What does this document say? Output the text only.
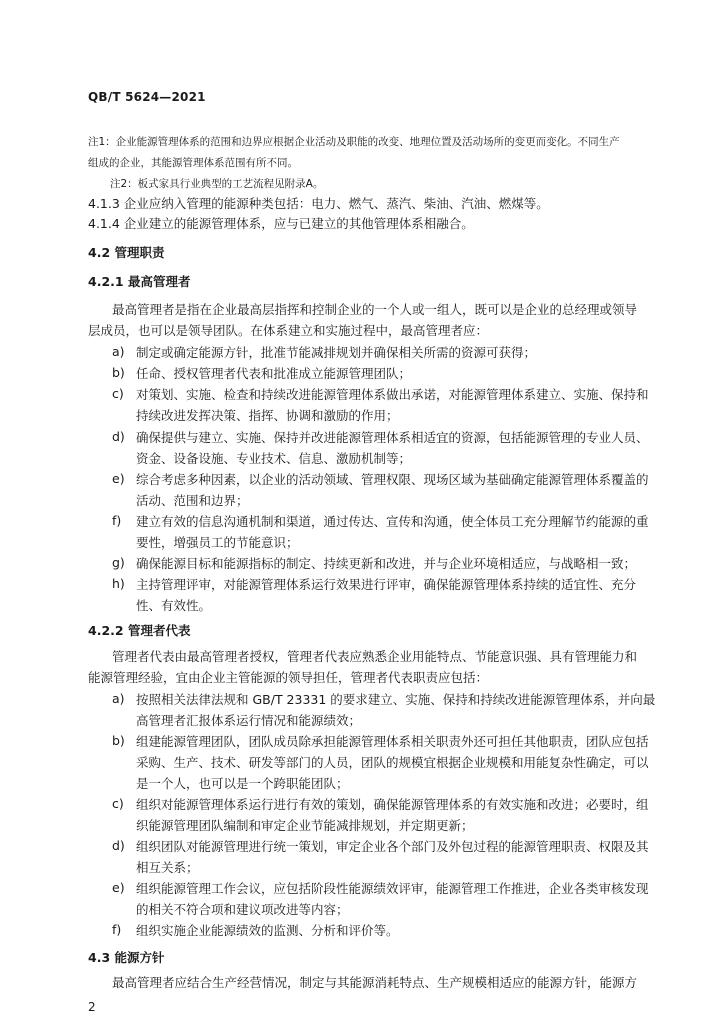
QB/T 5624—2021
注1：企业能源管理体系的范围和边界应根据企业活动及职能的改变、地理位置及活动场所的变更而变化。不同生产
组成的企业，其能源管理体系范围有所不同。
注2：板式家具行业典型的工艺流程见附录A。
4.1.3 企业应纳入管理的能源种类包括：电力、燃气、蒸汽、柴油、汽油、燃煤等。
4.1.4 企业建立的能源管理体系，应与已建立的其他管理体系相融合。
4.2 管理职责
4.2.1 最高管理者
最高管理者是指在企业最高层指挥和控制企业的一个人或一组人，既可以是企业的总经理或领导
层成员，也可以是领导团队。在体系建立和实施过程中，最高管理者应：
a) 制定或确定能源方针，批准节能减排规划并确保相关所需的资源可获得；
b) 任命、授权管理者代表和批准成立能源管理团队；
c) 对策划、实施、检查和持续改进能源管理体系做出承诺，对能源管理体系建立、实施、保持和持续改进发挥决策、指挥、协调和激励的作用；
d) 确保提供与建立、实施、保持并改进能源管理体系相适宜的资源，包括能源管理的专业人员、资金、设备设施、专业技术、信息、激励机制等；
e) 综合考虑多种因素，以企业的活动领域、管理权限、现场区域为基础确定能源管理体系覆盖的活动、范围和边界；
f) 建立有效的信息沟通机制和渠道，通过传达、宣传和沟通，使全体员工充分理解节约能源的重要性，增强员工的节能意识；
g) 确保能源目标和能源指标的制定、持续更新和改进，并与企业环境相适应，与战略相一致；
h) 主持管理评审，对能源管理体系运行效果进行评审，确保能源管理体系持续的适宜性、充分性、有效性。
4.2.2 管理者代表
管理者代表由最高管理者授权，管理者代表应熟悉企业用能特点、节能意识强、具有管理能力和
能源管理经验，宜由企业主管能源的领导担任，管理者代表职责应包括：
a) 按照相关法律法规和 GB/T 23331 的要求建立、实施、保持和持续改进能源管理体系，并向最高管理者汇报体系运行情况和能源绩效；
b) 组建能源管理团队，团队成员除承担能源管理体系相关职责外还可担任其他职责，团队应包括采购、生产、技术、研发等部门的人员，团队的规模宜根据企业规模和用能复杂性确定，可以是一个人，也可以是一个跨职能团队；
c) 组织对能源管理体系运行进行有效的策划，确保能源管理体系的有效实施和改进；必要时，组织能源管理团队编制和审定企业节能减排规划，并定期更新；
d) 组织团队对能源管理进行统一策划，审定企业各个部门及外包过程的能源管理职责、权限及其相互关系；
e) 组织能源管理工作会议，应包括阶段性能源绩效评审，能源管理工作推进，企业各类审核发现的相关不符合项和建议项改进等内容；
f) 组织实施企业能源绩效的监测、分析和评价等。
4.3 能源方针
最高管理者应结合生产经营情况，制定与其能源消耗特点、生产规模相适应的能源方针，能源方
2
